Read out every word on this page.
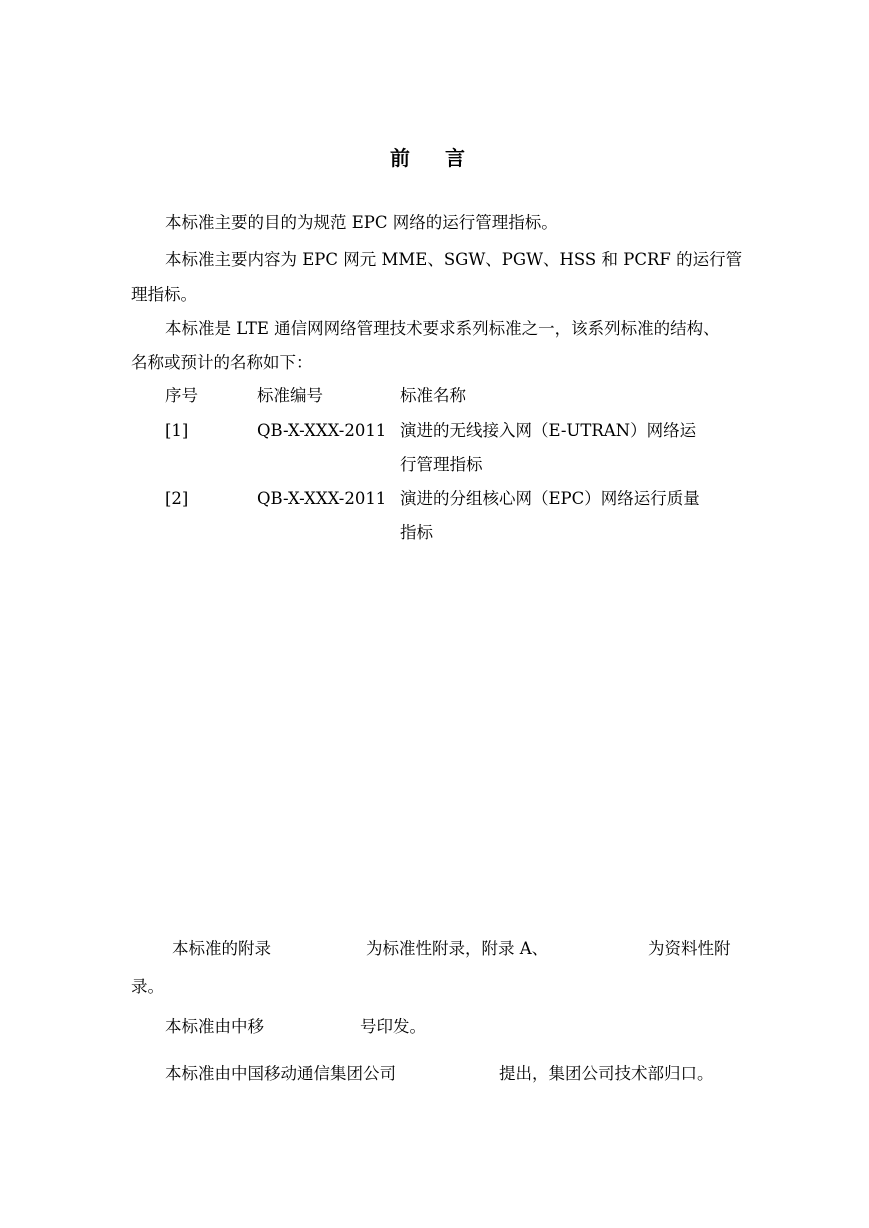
前 言
本标准主要的目的为规范 EPC 网络的运行管理指标。
本标准主要内容为 EPC 网元 MME、SGW、PGW、HSS 和 PCRF 的运行管
理指标。
本标准是 LTE 通信网网络管理技术要求系列标准之一，该系列标准的结构、
名称或预计的名称如下：
序号	标准编号	标准名称
[1]	QB-X-XXX-2011 演进的无线接入网（E-UTRAN）网络运
行管理指标
[2]	QB-X-XXX-2011 演进的分组核心网（EPC）网络运行质量
指标
本标准的附录	为标准性附录，附录 A、	为资料性附
录。
本标准由中移	号印发。
本标准由中国移动通信集团公司	提出，集团公司技术部归口。
